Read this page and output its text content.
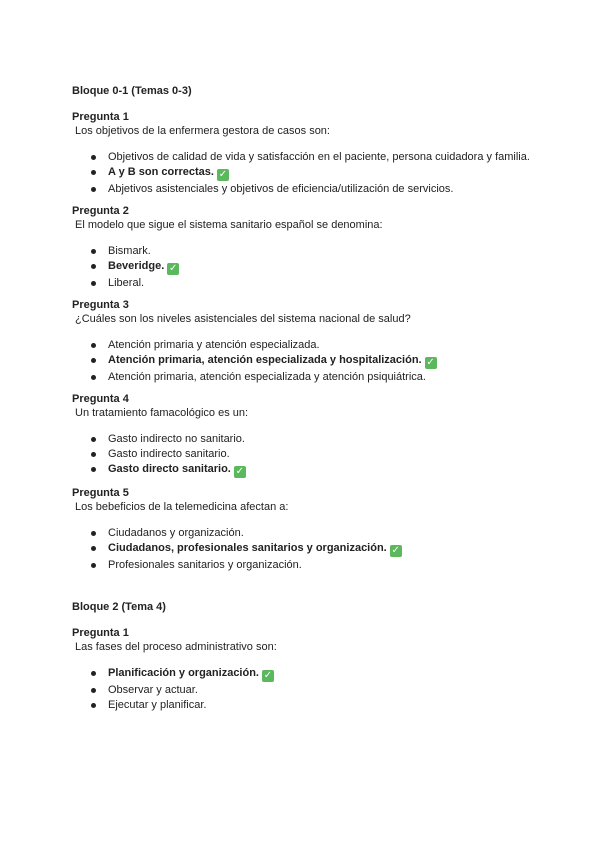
Bloque 0-1 (Temas 0-3)
Pregunta 1
Los objetivos de la enfermera gestora de casos son:
Objetivos de calidad de vida y satisfacción en el paciente, persona cuidadora y familia.
A y B son correctas. ✓
Abjetivos asistenciales y objetivos de eficiencia/utilización de servicios.
Pregunta 2
El modelo que sigue el sistema sanitario español se denomina:
Bismark.
Beveridge. ✓
Liberal.
Pregunta 3
¿Cuáles son los niveles asistenciales del sistema nacional de salud?
Atención primaria y atención especializada.
Atención primaria, atención especializada y hospitalización. ✓
Atención primaria, atención especializada y atención psiquiátrica.
Pregunta 4
Un tratamiento famacológico es un:
Gasto indirecto no sanitario.
Gasto indirecto sanitario.
Gasto directo sanitario. ✓
Pregunta 5
Los bebeficios de la telemedicina afectan a:
Ciudadanos y organización.
Ciudadanos, profesionales sanitarios y organización. ✓
Profesionales sanitarios y organización.
Bloque 2 (Tema 4)
Pregunta 1
Las fases del proceso administrativo son:
Planificación y organización. ✓
Observar y actuar.
Ejecutar y planificar.
